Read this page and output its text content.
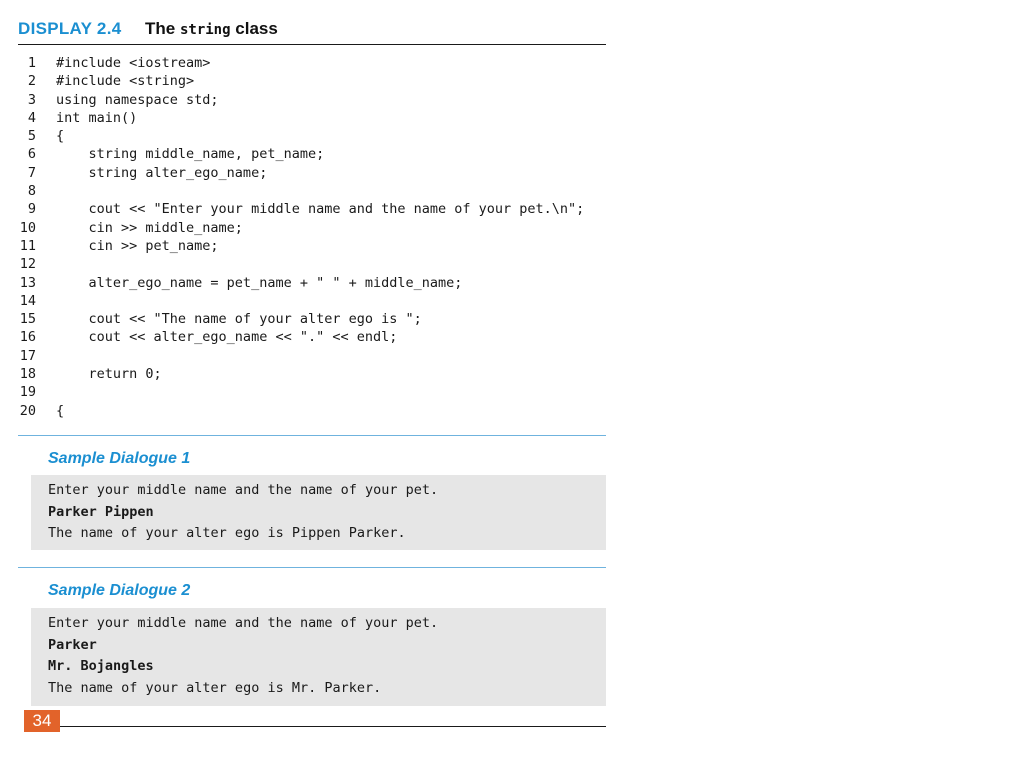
DISPLAY 2.4 The string class
1 #include <iostream>
2 #include <string>
3 using namespace std;
4 int main()
5 {
6 string middle_name, pet_name;
7 string alter_ego_name;
8
9 cout << "Enter your middle name and the name of your pet.\n";
10 cin >> middle_name;
11 cin >> pet_name;
12
13 alter_ego_name = pet_name + " " + middle_name;
14
15 cout << "The name of your alter ego is ";
16 cout << alter_ego_name << "." << endl;
17
18 return 0;
19
20 {
Sample Dialogue 1
Enter your middle name and the name of your pet.
Parker Pippen
The name of your alter ego is Pippen Parker.
Sample Dialogue 2
Enter your middle name and the name of your pet.
Parker
Mr. Bojangles
The name of your alter ego is Mr. Parker.
34
